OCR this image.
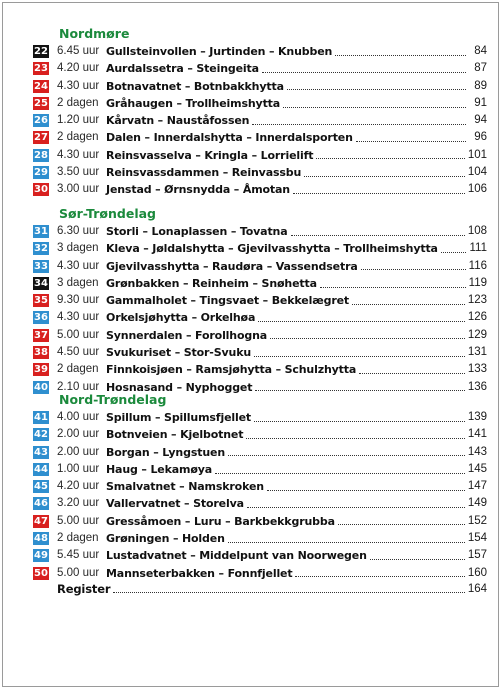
Nordmøre
22 6.45 uur Gullsteinvollen – Jurtinden – Knubben	84
23 4.20 uur Aurdalssetra – Steingeita	87
24 4.30 uur Botnavatnet – Botnbakkhytta	89
25 2 dagen Gråhaugen – Trollheimshytta	91
26 1.20 uur Kårvatn – Nauståfossen	94
27 2 dagen Dalen – Innerdalshytta – Innerdalsporten	96
28 4.30 uur Reinsvasselva – Kringla – Lorrielift	101
29 3.50 uur Reinsvassdammen – Reinvassbu	104
30 3.00 uur Jenstad – Ørnsnydda – Åmotan	106
Sør-Trøndelag
31 6.30 uur Storli – Lonaplassen – Tovatna	108
32 3 dagen Kleva – Jøldalshytta – Gjevilvasshytta – Trollheimshytta	111
33 4.30 uur Gjevilvasshytta – Raudøra – Vassendsetra	116
34 3 dagen Grønbakken – Reinheim – Snøhetta	119
35 9.30 uur Gammalholet – Tingsvaet – Bekkelægret	123
36 4.30 uur Orkelsjøhytta – Orkelhøa	126
37 5.00 uur Synnerdalen – Forollhogna	129
38 4.50 uur Svukuriset – Stor-Svuku	131
39 2 dagen Finnkoisjøen – Ramsjøhytta – Schulzhytta	133
40 2.10 uur Hosnasand – Nyphogget	136
Nord-Trøndelag
41 4.00 uur Spillum – Spillumsfjellet	139
42 2.00 uur Botnveien – Kjelbotnet	141
43 2.00 uur Borgan – Lyngstuen	143
44 1.00 uur Haug – Lekamøya	145
45 4.20 uur Smalvatnet – Namskroken	147
46 3.20 uur Vallervatnet – Storelva	149
47 5.00 uur Gressåmoen – Luru – Barkbekkgrubba	152
48 2 dagen Grøningen – Holden	154
49 5.45 uur Lustadvatnet – Middelpunt van Noorwegen	157
50 5.00 uur Mannseterbakken – Fonnfjellet	160
Register	164
